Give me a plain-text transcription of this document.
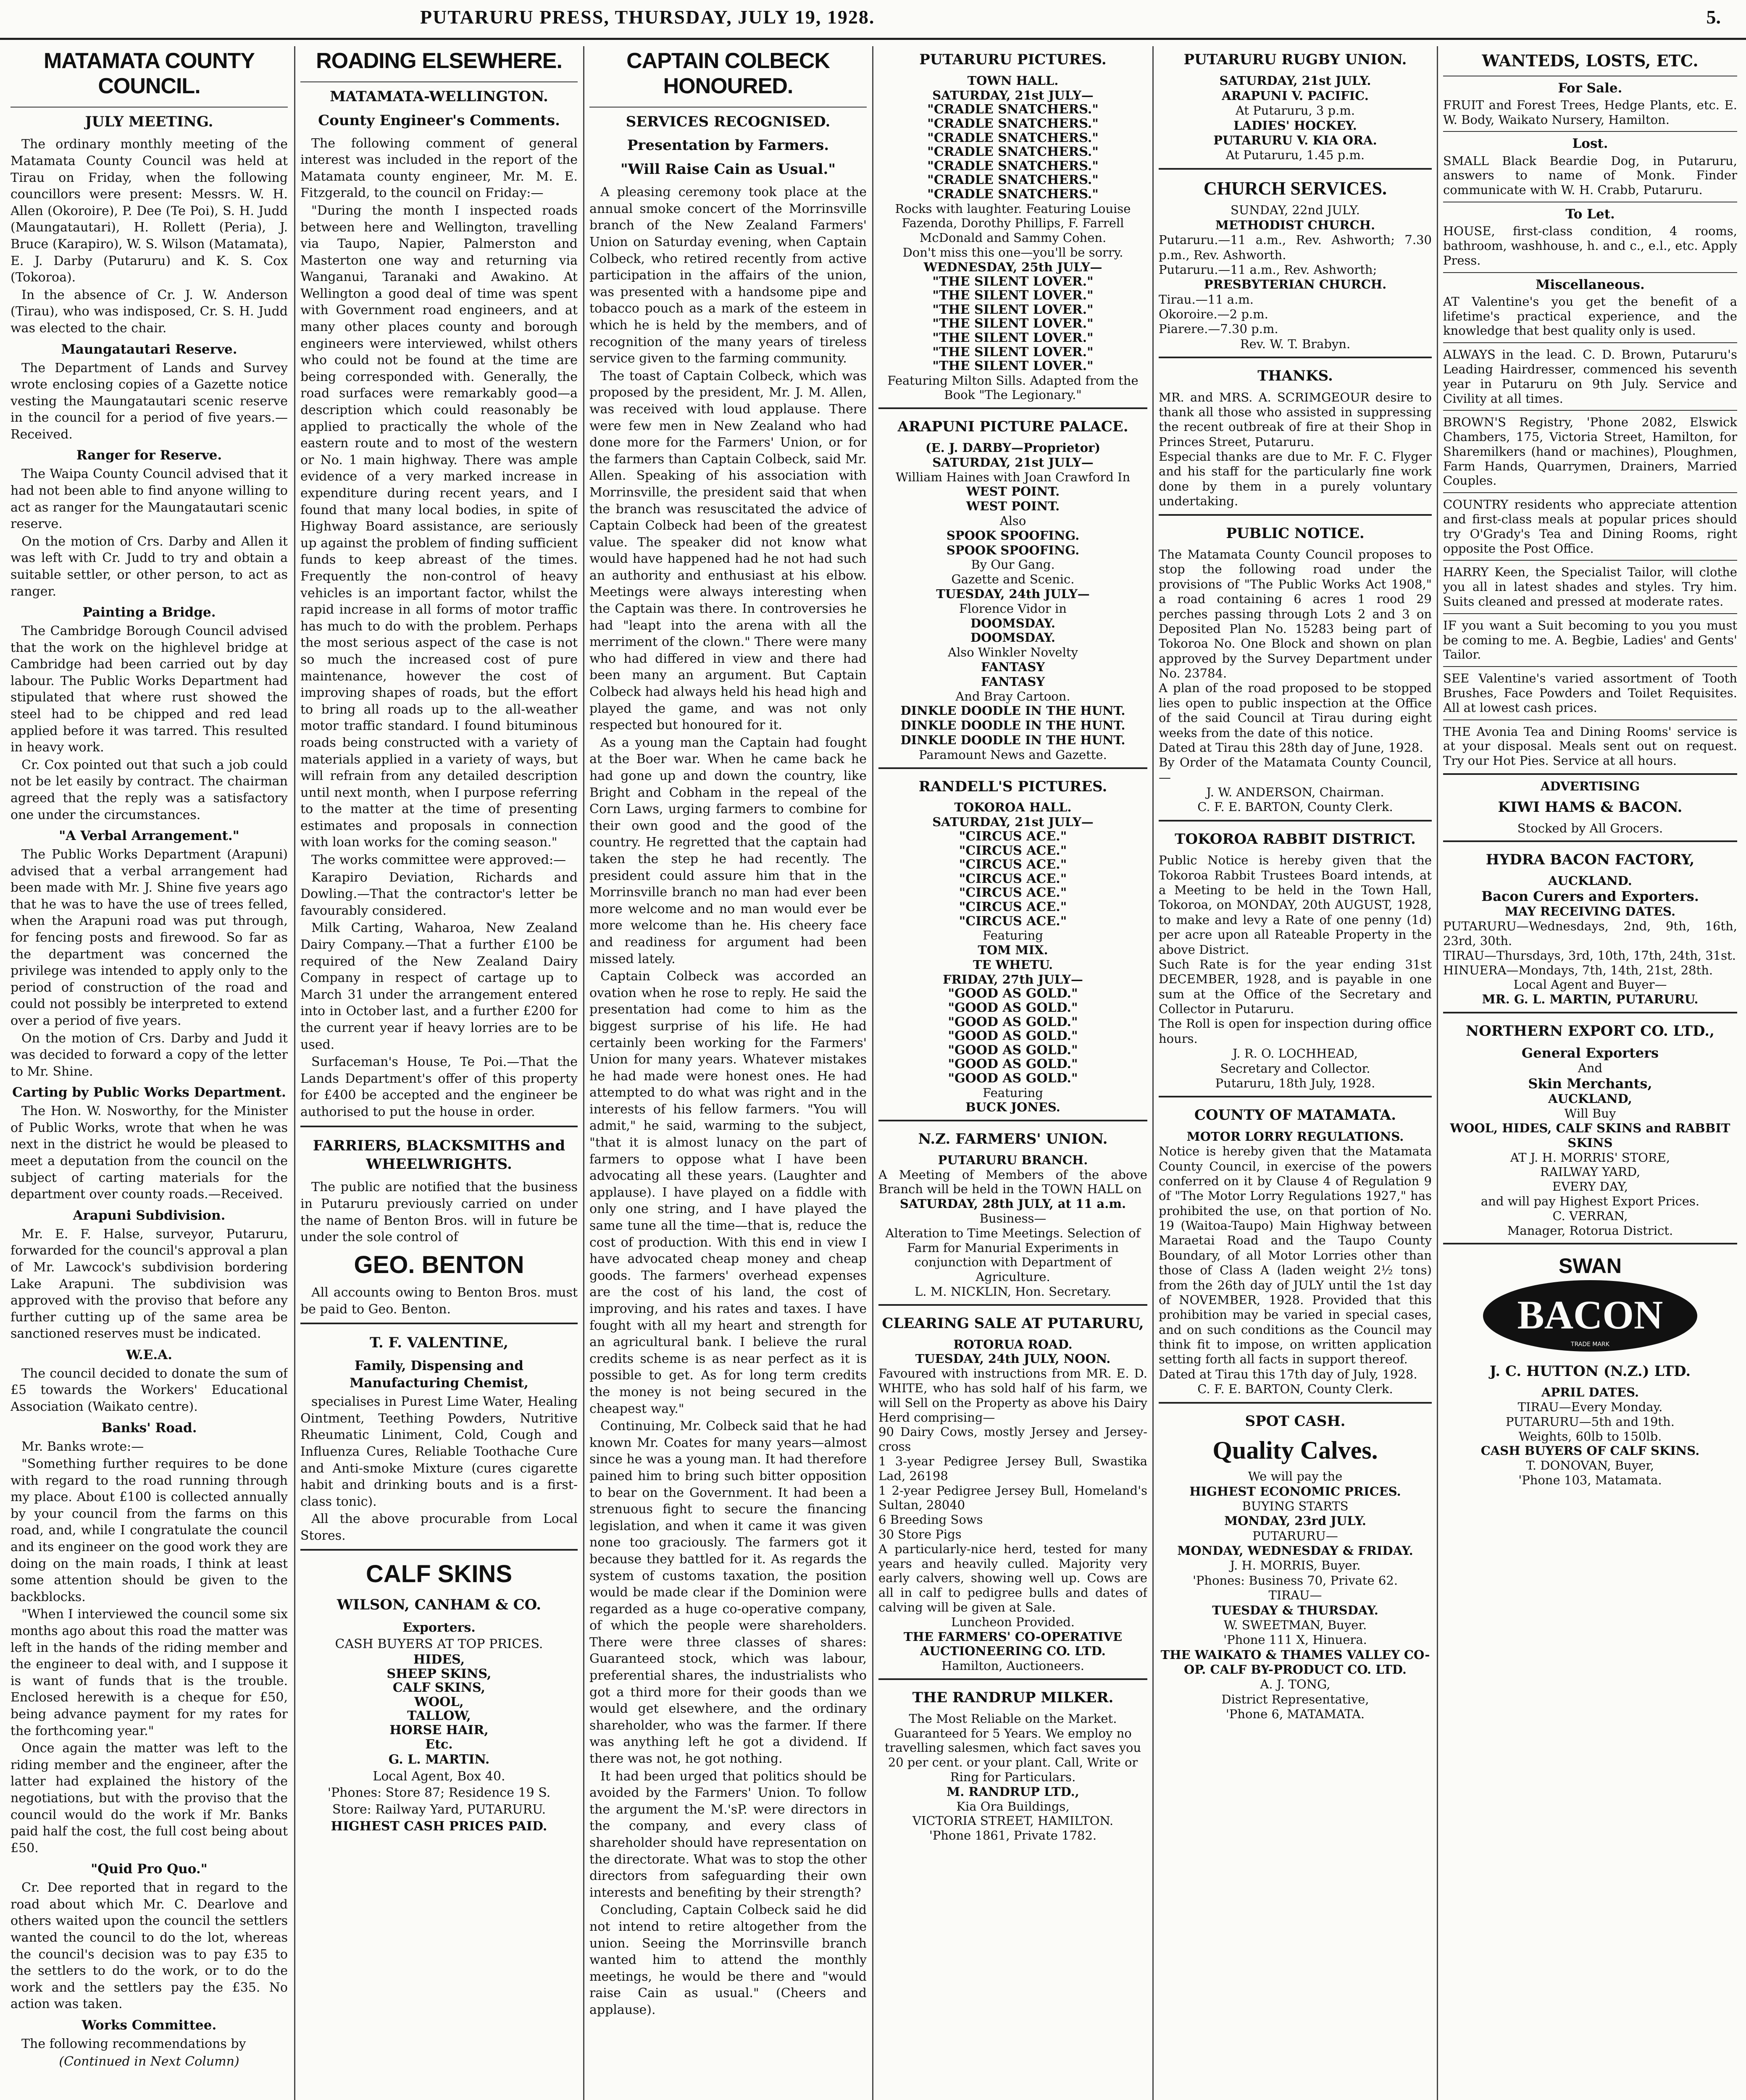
PUTARURU PRESS, THURSDAY, JULY 19, 1928.	5.
MATAMATA COUNTY COUNCIL.
JULY MEETING.

The ordinary monthly meeting of the Matamata County Council was held at Tirau on Friday, when the following councillors were present: Messrs. W. H. Allen (Okoroire), P. Dee (Te Poi), S. H. Judd (Maungatautari), H. Rollett (Peria), J. Bruce (Karapiro), W. S. Wilson (Matamata), E. J. Darby (Putaruru) and K. S. Cox (Tokoroa).

In the absence of Cr. J. W. Anderson (Tirau), who was indisposed, Cr. S. H. Judd was elected to the chair.

Maungatautari Reserve.

The Department of Lands and Survey wrote enclosing copies of a Gazette notice vesting the Maungatautari scenic reserve in the council for a period of five years.—Received.

Ranger for Reserve.

The Waipa County Council advised that it had not been able to find anyone willing to act as ranger for the Maungatautari scenic reserve.

On the motion of Crs. Darby and Allen it was left with Cr. Judd to try and obtain a suitable settler, or other person, to act as ranger.

Painting a Bridge.

The Cambridge Borough Council advised that the work on the highlevel bridge at Cambridge had been carried out by day labour. The Public Works Department had stipulated that where rust showed the steel had to be chipped and red lead applied before it was tarred. This resulted in heavy work.

Cr. Cox pointed out that such a job could not be let easily by contract. The chairman agreed that the reply was a satisfactory one under the circumstances.

"A Verbal Arrangement."

The Public Works Department (Arapuni) advised that a verbal arrangement had been made with Mr. J. Shine five years ago that he was to have the use of trees felled, when the Arapuni road was put through, for fencing posts and firewood. So far as the department was concerned the privilege was intended to apply only to the period of construction of the road and could not possibly be interpreted to extend over a period of five years.

On the motion of Crs. Darby and Judd it was decided to forward a copy of the letter to Mr. Shine.

Carting by Public Works Department.

The Hon. W. Nosworthy, for the Minister of Public Works, wrote that when he was next in the district he would be pleased to meet a deputation from the council on the subject of carting materials for the department over county roads.—Received.

Arapuni Subdivision.

Mr. E. F. Halse, surveyor, Putaruru, forwarded for the council's approval a plan of Mr. Lawcock's subdivision bordering Lake Arapuni. The subdivision was approved with the proviso that before any further cutting up of the same area be sanctioned reserves must be indicated.

W.E.A.

The council decided to donate the sum of £5 towards the Workers' Educational Association (Waikato centre).

Banks' Road.

Mr. Banks wrote:—

"Something further requires to be done with regard to the road running through my place. About £100 is collected annually by your council from the farms on this road, and, while I congratulate the council and its engineer on the good work they are doing on the main roads, I think at least some attention should be given to the backblocks.

"When I interviewed the council some six months ago about this road the matter was left in the hands of the riding member and the engineer to deal with, and I suppose it is want of funds that is the trouble. Enclosed herewith is a cheque for £50, being advance payment for my rates for the forthcoming year."

Once again the matter was left to the riding member and the engineer, after the latter had explained the history of the negotiations, but with the proviso that the council would do the work if Mr. Banks paid half the cost, the full cost being about £50.

"Quid Pro Quo."

Cr. Dee reported that in regard to the road about which Mr. C. Dearlove and others waited upon the council the settlers wanted the council to do the lot, whereas the council's decision was to pay £35 to the settlers to do the work, or to do the work and the settlers pay the £35. No action was taken.

Works Committee.

The following recommendations by

(Continued in Next Column)

ROADING ELSEWHERE.
MATAMATA-WELLINGTON.
County Engineer's Comments.

The following comment of general interest was included in the report of the Matamata county engineer, Mr. M. E. Fitzgerald, to the council on Friday:—

"During the month I inspected roads between here and Wellington, travelling via Taupo, Napier, Palmerston and Masterton one way and returning via Wanganui, Taranaki and Awakino. At Wellington a good deal of time was spent with Government road engineers, and at many other places county and borough engineers were interviewed, whilst others who could not be found at the time are being corresponded with. Generally, the road surfaces were remarkably good—a description which could reasonably be applied to practically the whole of the eastern route and to most of the western or No. 1 main highway. There was ample evidence of a very marked increase in expenditure during recent years, and I found that many local bodies, in spite of Highway Board assistance, are seriously up against the problem of finding sufficient funds to keep abreast of the times. Frequently the non-control of heavy vehicles is an important factor, whilst the rapid increase in all forms of motor traffic has much to do with the problem. Perhaps the most serious aspect of the case is not so much the increased cost of pure maintenance, however the cost of improving shapes of roads, but the effort to bring all roads up to the all-weather motor traffic standard. I found bituminous roads being constructed with a variety of materials applied in a variety of ways, but will refrain from any detailed description until next month, when I purpose referring to the matter at the time of presenting estimates and proposals in connection with loan works for the coming season."

The works committee were approved:—

Karapiro Deviation, Richards and Dowling.—That the contractor's letter be favourably considered.

Milk Carting, Waharoa, New Zealand Dairy Company.—That a further £100 be required of the New Zealand Dairy Company in respect of cartage up to March 31 under the arrangement entered into in October last, and a further £200 for the current year if heavy lorries are to be used.

Surfaceman's House, Te Poi.—That the Lands Department's offer of this property for £400 be accepted and the engineer be authorised to put the house in order.

FARRIERS, BLACKSMITHS and WHEELWRIGHTS.

The public are notified that the business in Putaruru previously carried on under the name of Benton Bros. will in future be under the sole control of

GEO. BENTON

All accounts owing to Benton Bros. must be paid to Geo. Benton.

T. F. VALENTINE,
Family, Dispensing and Manufacturing Chemist,

specialises in Purest Lime Water, Healing Ointment, Teething Powders, Nutritive Rheumatic Liniment, Cold, Cough and Influenza Cures, Reliable Toothache Cure and Anti-smoke Mixture (cures cigarette habit and drinking bouts and is a first-class tonic).

All the above procurable from Local Stores.

CALF SKINS
WILSON, CANHAM & CO.

Exporters.

CASH BUYERS AT TOP PRICES.

HIDES,
SHEEP SKINS,
CALF SKINS,
WOOL,
TALLOW,
HORSE HAIR,
Etc.

G. L. MARTIN.

Local Agent, Box 40.

'Phones: Store 87; Residence 19 S.

Store: Railway Yard, PUTARURU.

HIGHEST CASH PRICES PAID.

CAPTAIN COLBECK HONOURED.
SERVICES RECOGNISED.
Presentation by Farmers.
"Will Raise Cain as Usual."

A pleasing ceremony took place at the annual smoke concert of the Morrinsville branch of the New Zealand Farmers' Union on Saturday evening, when Captain Colbeck, who retired recently from active participation in the affairs of the union, was presented with a handsome pipe and tobacco pouch as a mark of the esteem in which he is held by the members, and of recognition of the many years of tireless service given to the farming community.

The toast of Captain Colbeck, which was proposed by the president, Mr. J. M. Allen, was received with loud applause. There were few men in New Zealand who had done more for the Farmers' Union, or for the farmers than Captain Colbeck, said Mr. Allen. Speaking of his association with Morrinsville, the president said that when the branch was resuscitated the advice of Captain Colbeck had been of the greatest value. The speaker did not know what would have happened had he not had such an authority and enthusiast at his elbow. Meetings were always interesting when the Captain was there. In controversies he had "leapt into the arena with all the merriment of the clown." There were many who had differed in view and there had been many an argument. But Captain Colbeck had always held his head high and played the game, and was not only respected but honoured for it.

As a young man the Captain had fought at the Boer war. When he came back he had gone up and down the country, like Bright and Cobham in the repeal of the Corn Laws, urging farmers to combine for their own good and the good of the country. He regretted that the captain had taken the step he had recently. The president could assure him that in the Morrinsville branch no man had ever been more welcome and no man would ever be more welcome than he. His cheery face and readiness for argument had been missed lately.

Captain Colbeck was accorded an ovation when he rose to reply. He said the presentation had come to him as the biggest surprise of his life. He had certainly been working for the Farmers' Union for many years. Whatever mistakes he had made were honest ones. He had attempted to do what was right and in the interests of his fellow farmers. "You will admit," he said, warming to the subject, "that it is almost lunacy on the part of farmers to oppose what I have been advocating all these years. (Laughter and applause). I have played on a fiddle with only one string, and I have played the same tune all the time—that is, reduce the cost of production. With this end in view I have advocated cheap money and cheap goods. The farmers' overhead expenses are the cost of his land, the cost of improving, and his rates and taxes. I have fought with all my heart and strength for an agricultural bank. I believe the rural credits scheme is as near perfect as it is possible to get. As for long term credits the money is not being secured in the cheapest way."

Continuing, Mr. Colbeck said that he had known Mr. Coates for many years—almost since he was a young man. It had therefore pained him to bring such bitter opposition to bear on the Government. It had been a strenuous fight to secure the financing legislation, and when it came it was given none too graciously. The farmers got it because they battled for it. As regards the system of customs taxation, the position would be made clear if the Dominion were regarded as a huge co-operative company, of which the people were shareholders. There were three classes of shares: Guaranteed stock, which was labour, preferential shares, the industrialists who got a third more for their goods than we would get elsewhere, and the ordinary shareholder, who was the farmer. If there was anything left he got a dividend. If there was not, he got nothing.

It had been urged that politics should be avoided by the Farmers' Union. To follow the argument the M.'sP. were directors in the company, and every class of shareholder should have representation on the directorate. What was to stop the other directors from safeguarding their own interests and benefiting by their strength?

Concluding, Captain Colbeck said he did not intend to retire altogether from the union. Seeing the Morrinsville branch wanted him to attend the monthly meetings, he would be there and "would raise Cain as usual." (Cheers and applause).

PUTARURU PICTURES.

TOWN HALL.

SATURDAY, 21st JULY—

"CRADLE SNATCHERS."
"CRADLE SNATCHERS."
"CRADLE SNATCHERS."
"CRADLE SNATCHERS."
"CRADLE SNATCHERS."
"CRADLE SNATCHERS."
"CRADLE SNATCHERS."

Rocks with laughter. Featuring Louise Fazenda, Dorothy Phillips, F. Farrell McDonald and Sammy Cohen.

Don't miss this one—you'll be sorry.

WEDNESDAY, 25th JULY—

"THE SILENT LOVER."
"THE SILENT LOVER."
"THE SILENT LOVER."
"THE SILENT LOVER."
"THE SILENT LOVER."
"THE SILENT LOVER."
"THE SILENT LOVER."

Featuring Milton Sills. Adapted from the Book "The Legionary."

ARAPUNI PICTURE PALACE.

(E. J. DARBY—Proprietor)

SATURDAY, 21st JULY—

William Haines with Joan Crawford In

WEST POINT.

WEST POINT.

Also

SPOOK SPOOFING.

SPOOK SPOOFING.

By Our Gang.

Gazette and Scenic.

TUESDAY, 24th JULY—

Florence Vidor in

DOOMSDAY.

DOOMSDAY.

Also Winkler Novelty

FANTASY

FANTASY

And Bray Cartoon.

DINKLE DOODLE IN THE HUNT.

DINKLE DOODLE IN THE HUNT.

DINKLE DOODLE IN THE HUNT.

Paramount News and Gazette.

RANDELL'S PICTURES.

TOKOROA HALL.

SATURDAY, 21st JULY—

"CIRCUS ACE."
"CIRCUS ACE."
"CIRCUS ACE."
"CIRCUS ACE."
"CIRCUS ACE."
"CIRCUS ACE."
"CIRCUS ACE."

Featuring

TOM MIX.

TE WHETU.

FRIDAY, 27th JULY—

"GOOD AS GOLD."
"GOOD AS GOLD."
"GOOD AS GOLD."
"GOOD AS GOLD."
"GOOD AS GOLD."
"GOOD AS GOLD."
"GOOD AS GOLD."

Featuring

BUCK JONES.

N.Z. FARMERS' UNION.

PUTARURU BRANCH.

A Meeting of Members of the above Branch will be held in the TOWN HALL on

SATURDAY, 28th JULY, at 11 a.m.

Business—

Alteration to Time Meetings. Selection of Farm for Manurial Experiments in conjunction with Department of Agriculture.

L. M. NICKLIN, Hon. Secretary.

CLEARING SALE AT PUTARURU,

ROTORUA ROAD.

TUESDAY, 24th JULY, NOON.

Favoured with instructions from MR. E. D. WHITE, who has sold half of his farm, we will Sell on the Property as above his Dairy Herd comprising—

90 Dairy Cows, mostly Jersey and Jersey-cross

1 3-year Pedigree Jersey Bull, Swastika Lad, 26198

1 2-year Pedigree Jersey Bull, Homeland's Sultan, 28040

6 Breeding Sows

30 Store Pigs

A particularly-nice herd, tested for many years and heavily culled. Majority very early calvers, showing well up. Cows are all in calf to pedigree bulls and dates of calving will be given at Sale.

Luncheon Provided.

THE FARMERS' CO-OPERATIVE AUCTIONEERING CO. LTD.

Hamilton, Auctioneers.

THE RANDRUP MILKER.

The Most Reliable on the Market. Guaranteed for 5 Years. We employ no travelling salesmen, which fact saves you 20 per cent. or your plant. Call, Write or Ring for Particulars.

M. RANDRUP LTD.,

Kia Ora Buildings,

VICTORIA STREET, HAMILTON.

'Phone 1861, Private 1782.

PUTARURU RUGBY UNION.

SATURDAY, 21st JULY.

ARAPUNI V. PACIFIC.

At Putaruru, 3 p.m.

LADIES' HOCKEY.

PUTARURU V. KIA ORA.

At Putaruru, 1.45 p.m.

CHURCH SERVICES.

SUNDAY, 22nd JULY.

METHODIST CHURCH.

Putaruru.—11 a.m., Rev. Ashworth; 7.30 p.m., Rev. Ashworth.

Putaruru.—11 a.m., Rev. Ashworth;

PRESBYTERIAN CHURCH.

Tirau.—11 a.m.

Okoroire.—2 p.m.

Piarere.—7.30 p.m.

Rev. W. T. Brabyn.

THANKS.

MR. and MRS. A. SCRIMGEOUR desire to thank all those who assisted in suppressing the recent outbreak of fire at their Shop in Princes Street, Putaruru.

Especial thanks are due to Mr. F. C. Flyger and his staff for the particularly fine work done by them in a purely voluntary undertaking.

PUBLIC NOTICE.

The Matamata County Council proposes to stop the following road under the provisions of "The Public Works Act 1908," a road containing 6 acres 1 rood 29 perches passing through Lots 2 and 3 on Deposited Plan No. 15283 being part of Tokoroa No. One Block and shown on plan approved by the Survey Department under No. 23784.

A plan of the road proposed to be stopped lies open to public inspection at the Office of the said Council at Tirau during eight weeks from the date of this notice.

Dated at Tirau this 28th day of June, 1928.

By Order of the Matamata County Council,—

J. W. ANDERSON, Chairman.

C. F. E. BARTON, County Clerk.

TOKOROA RABBIT DISTRICT.

Public Notice is hereby given that the Tokoroa Rabbit Trustees Board intends, at a Meeting to be held in the Town Hall, Tokoroa, on MONDAY, 20th AUGUST, 1928, to make and levy a Rate of one penny (1d) per acre upon all Rateable Property in the above District.

Such Rate is for the year ending 31st DECEMBER, 1928, and is payable in one sum at the Office of the Secretary and Collector in Putaruru.

The Roll is open for inspection during office hours.

J. R. O. LOCHHEAD,

Secretary and Collector.

Putaruru, 18th July, 1928.

COUNTY OF MATAMATA.

MOTOR LORRY REGULATIONS.

Notice is hereby given that the Matamata County Council, in exercise of the powers conferred on it by Clause 4 of Regulation 9 of "The Motor Lorry Regulations 1927," has prohibited the use, on that portion of No. 19 (Waitoa-Taupo) Main Highway between Maraetai Road and the Taupo County Boundary, of all Motor Lorries other than those of Class A (laden weight 2½ tons) from the 26th day of JULY until the 1st day of NOVEMBER, 1928. Provided that this prohibition may be varied in special cases, and on such conditions as the Council may think fit to impose, on written application setting forth all facts in support thereof.

Dated at Tirau this 17th day of July, 1928.

C. F. E. BARTON, County Clerk.

SPOT CASH.
Quality Calves.

We will pay the

HIGHEST ECONOMIC PRICES.

BUYING STARTS

MONDAY, 23rd JULY.

PUTARURU—

MONDAY, WEDNESDAY & FRIDAY.

J. H. MORRIS, Buyer.

'Phones: Business 70, Private 62.

TIRAU—

TUESDAY & THURSDAY.

W. SWEETMAN, Buyer.

'Phone 111 X, Hinuera.

THE WAIKATO & THAMES VALLEY CO-OP. CALF BY-PRODUCT CO. LTD.

A. J. TONG,

District Representative,

'Phone 6, MATAMATA.

WANTEDS, LOSTS, ETC.
For Sale.

FRUIT and Forest Trees, Hedge Plants, etc. E. W. Body, Waikato Nursery, Hamilton.

Lost.

SMALL Black Beardie Dog, in Putaruru, answers to name of Monk. Finder communicate with W. H. Crabb, Putaruru.

To Let.

HOUSE, first-class condition, 4 rooms, bathroom, washhouse, h. and c., e.l., etc. Apply Press.

Miscellaneous.

AT Valentine's you get the benefit of a lifetime's practical experience, and the knowledge that best quality only is used.

ALWAYS in the lead. C. D. Brown, Putaruru's Leading Hairdresser, commenced his seventh year in Putaruru on 9th July. Service and Civility at all times.

BROWN'S Registry, 'Phone 2082, Elswick Chambers, 175, Victoria Street, Hamilton, for Sharemilkers (hand or machines), Ploughmen, Farm Hands, Quarrymen, Drainers, Married Couples.

COUNTRY residents who appreciate attention and first-class meals at popular prices should try O'Grady's Tea and Dining Rooms, right opposite the Post Office.

HARRY Keen, the Specialist Tailor, will clothe you all in latest shades and styles. Try him. Suits cleaned and pressed at moderate rates.

IF you want a Suit becoming to you you must be coming to me. A. Begbie, Ladies' and Gents' Tailor.

SEE Valentine's varied assortment of Tooth Brushes, Face Powders and Toilet Requisites. All at lowest cash prices.

THE Avonia Tea and Dining Rooms' service is at your disposal. Meals sent out on request. Try our Hot Pies. Service at all hours.

ADVERTISING

KIWI HAMS & BACON.

Stocked by All Grocers.

HYDRA BACON FACTORY,

AUCKLAND.

Bacon Curers and Exporters.

MAY RECEIVING DATES.

PUTARURU—Wednesdays, 2nd, 9th, 16th, 23rd, 30th.

TIRAU—Thursdays, 3rd, 10th, 17th, 24th, 31st.

HINUERA—Mondays, 7th, 14th, 21st, 28th.

Local Agent and Buyer—

MR. G. L. MARTIN, PUTARURU.

NORTHERN EXPORT CO. LTD.,

General Exporters

And

Skin Merchants,

AUCKLAND,

Will Buy

WOOL, HIDES, CALF SKINS and RABBIT SKINS

AT J. H. MORRIS' STORE,

RAILWAY YARD,

EVERY DAY,

and will pay Highest Export Prices.

C. VERRAN,

Manager, Rotorua District.

SWAN
BACON
TRADE MARK
J. C. HUTTON (N.Z.) LTD.

APRIL DATES.

TIRAU—Every Monday.

PUTARURU—5th and 19th.

Weights, 60lb to 150lb.

CASH BUYERS OF CALF SKINS.

T. DONOVAN, Buyer,

'Phone 103, Matamata.
